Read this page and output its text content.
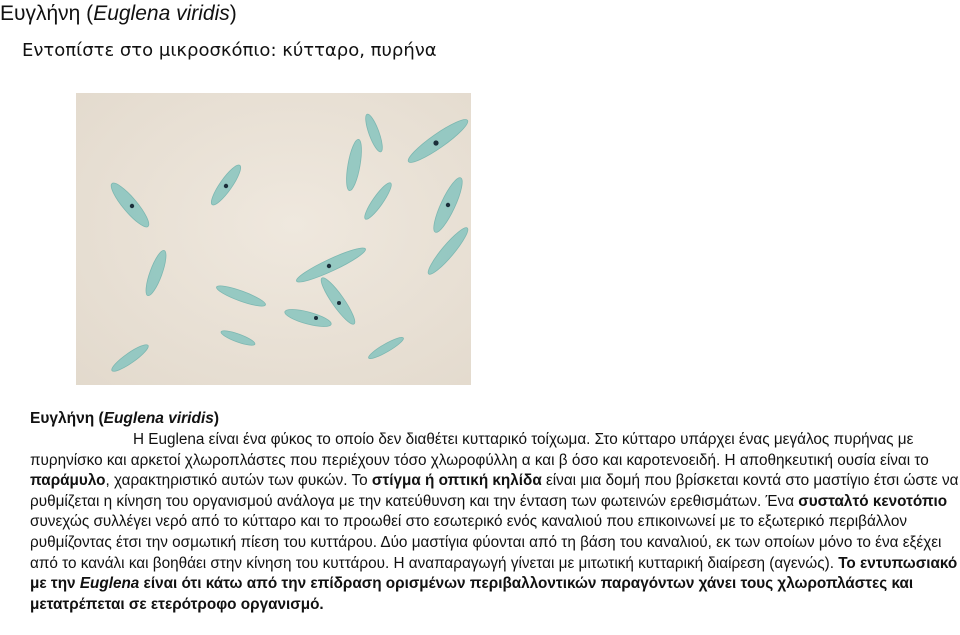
Ευγλήνη (Euglena viridis)
Εντοπίστε στο μικροσκόπιο: κύτταρο, πυρήνα
Ευγλήνη (Euglena viridis)

Η Euglena είναι ένα φύκος το οποίο δεν διαθέτει κυτταρικό τοίχωμα. Στο κύτταρο υπάρχει ένας μεγάλος πυρήνας με πυρηνίσκο και αρκετοί χλωροπλάστες που περιέχουν τόσο χλωροφύλλη α και β όσο και καροτενοειδή. Η αποθηκευτική ουσία είναι το παράμυλο, χαρακτηριστικό αυτών των φυκών. Το στίγμα ή οπτική κηλίδα είναι μια δομή που βρίσκεται κοντά στο μαστίγιο έτσι ώστε να ρυθμίζεται η κίνηση του οργανισμού ανάλογα με την κατεύθυνση και την ένταση των φωτεινών ερεθισμάτων. Ένα συσταλτό κενοτόπιο συνεχώς συλλέγει νερό από το κύτταρο και το προωθεί στο εσωτερικό ενός καναλιού που επικοινωνεί με το εξωτερικό περιβάλλον ρυθμίζοντας έτσι την οσμωτική πίεση του κυττάρου. Δύο μαστίγια φύονται από τη βάση του καναλιού, εκ των οποίων μόνο το ένα εξέχει από το κανάλι και βοηθάει στην κίνηση του κυττάρου. Η αναπαραγωγή γίνεται με μιτωτική κυτταρική διαίρεση (αγενώς). Το εντυπωσιακό με την Euglena είναι ότι κάτω από την επίδραση ορισμένων περιβαλλοντικών παραγόντων χάνει τους χλωροπλάστες και μετατρέπεται σε ετερότροφο οργανισμό.
